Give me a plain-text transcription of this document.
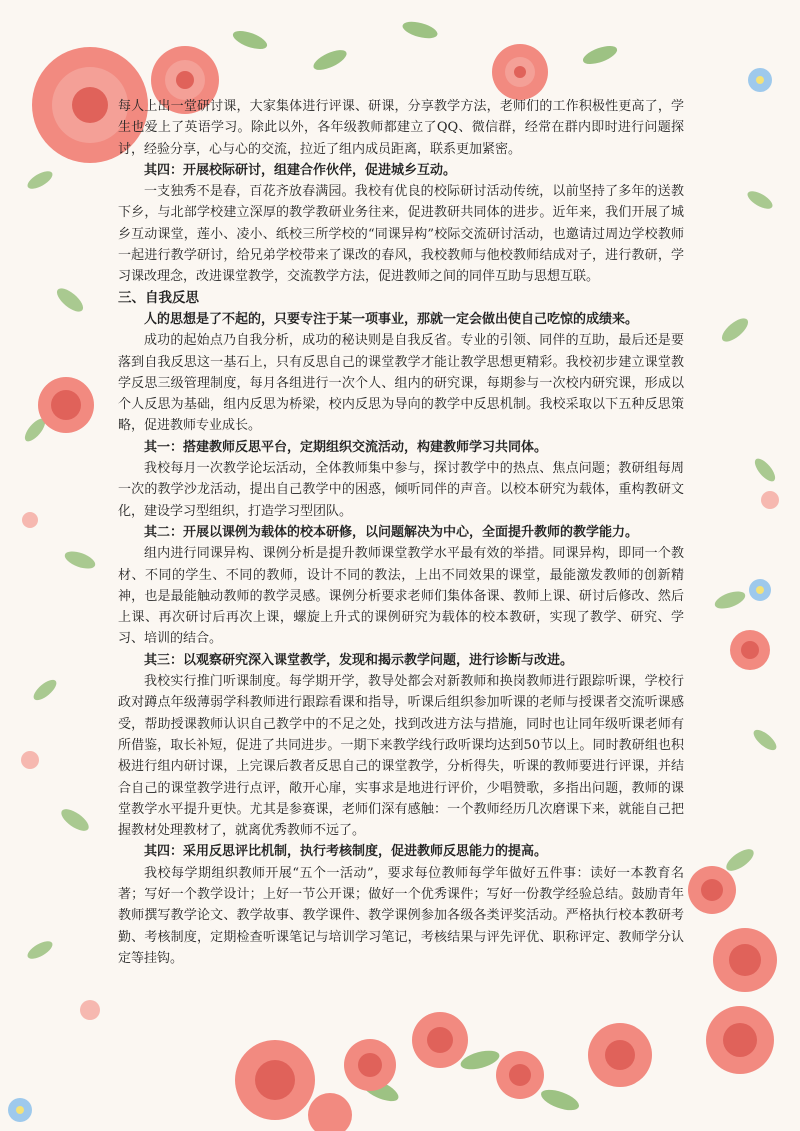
每人上出一堂研讨课，大家集体进行评课、研课，分享教学方法，老师们的工作积极性更高了，学生也爱上了英语学习。除此以外，各年级教师都建立了QQ、微信群，经常在群内即时进行问题探讨，经验分享，心与心的交流，拉近了组内成员距离，联系更加紧密。

其四：开展校际研讨，组建合作伙伴，促进城乡互动。

一支独秀不是春，百花齐放春满园。我校有优良的校际研讨活动传统，以前坚持了多年的送教下乡，与北部学校建立深厚的教学教研业务往来，促进教研共同体的进步。近年来，我们开展了城乡互动课堂，莲小、凌小、纸校三所学校的“同课异构”校际交流研讨活动，也邀请过周边学校教师一起进行教学研讨，给兄弟学校带来了课改的春风，我校教师与他校教师结成对子，进行教研，学习课改理念，改进课堂教学，交流教学方法，促进教师之间的同伴互助与思想互联。

三、自我反思

人的思想是了不起的，只要专注于某一项事业，那就一定会做出使自己吃惊的成绩来。

成功的起始点乃自我分析，成功的秘诀则是自我反省。专业的引领、同伴的互助，最后还是要落到自我反思这一基石上，只有反思自己的课堂教学才能让教学思想更精彩。我校初步建立课堂教学反思三级管理制度，每月各组进行一次个人、组内的研究课，每期参与一次校内研究课，形成以个人反思为基础，组内反思为桥梁，校内反思为导向的教学中反思机制。我校采取以下五种反思策略，促进教师专业成长。

其一：搭建教师反思平台，定期组织交流活动，构建教师学习共同体。

我校每月一次教学论坛活动，全体教师集中参与，探讨教学中的热点、焦点问题；教研组每周一次的教学沙龙活动，提出自己教学中的困惑，倾听同伴的声音。以校本研究为载体，重构教研文化，建设学习型组织，打造学习型团队。

其二：开展以课例为载体的校本研修，以问题解决为中心，全面提升教师的教学能力。

组内进行同课异构、课例分析是提升教师课堂教学水平最有效的举措。同课异构，即同一个教材、不同的学生、不同的教师，设计不同的教法，上出不同效果的课堂，最能激发教师的创新精神，也是最能触动教师的教学灵感。课例分析要求老师们集体备课、教师上课、研讨后修改、然后上课、再次研讨后再次上课，螺旋上升式的课例研究为载体的校本教研，实现了教学、研究、学习、培训的结合。

其三：以观察研究深入课堂教学，发现和揭示教学问题，进行诊断与改进。

我校实行推门听课制度。每学期开学，教导处都会对新教师和换岗教师进行跟踪听课，学校行政对蹲点年级薄弱学科教师进行跟踪看课和指导，听课后组织参加听课的老师与授课者交流听课感受，帮助授课教师认识自己教学中的不足之处，找到改进方法与措施，同时也让同年级听课老师有所借鉴，取长补短，促进了共同进步。一期下来教学线行政听课均达到50节以上。同时教研组也积极进行组内研讨课，上完课后教者反思自己的课堂教学，分析得失，听课的教师要进行评课，并结合自己的课堂教学进行点评，敞开心扉，实事求是地进行评价，少唱赞歌，多指出问题，教师的课堂教学水平提升更快。尤其是参赛课，老师们深有感触：一个教师经历几次磨课下来，就能自己把握教材处理教材了，就离优秀教师不远了。

其四：采用反思评比机制，执行考核制度，促进教师反思能力的提高。

我校每学期组织教师开展“五个一活动”，要求每位教师每学年做好五件事：读好一本教育名著；写好一个教学设计；上好一节公开课；做好一个优秀课件；写好一份教学经验总结。鼓励青年教师撰写教学论文、教学故事、教学课件、教学课例参加各级各类评奖活动。严格执行校本教研考勤、考核制度，定期检查听课笔记与培训学习笔记，考核结果与评先评优、职称评定、教师学分认定等挂钩。
